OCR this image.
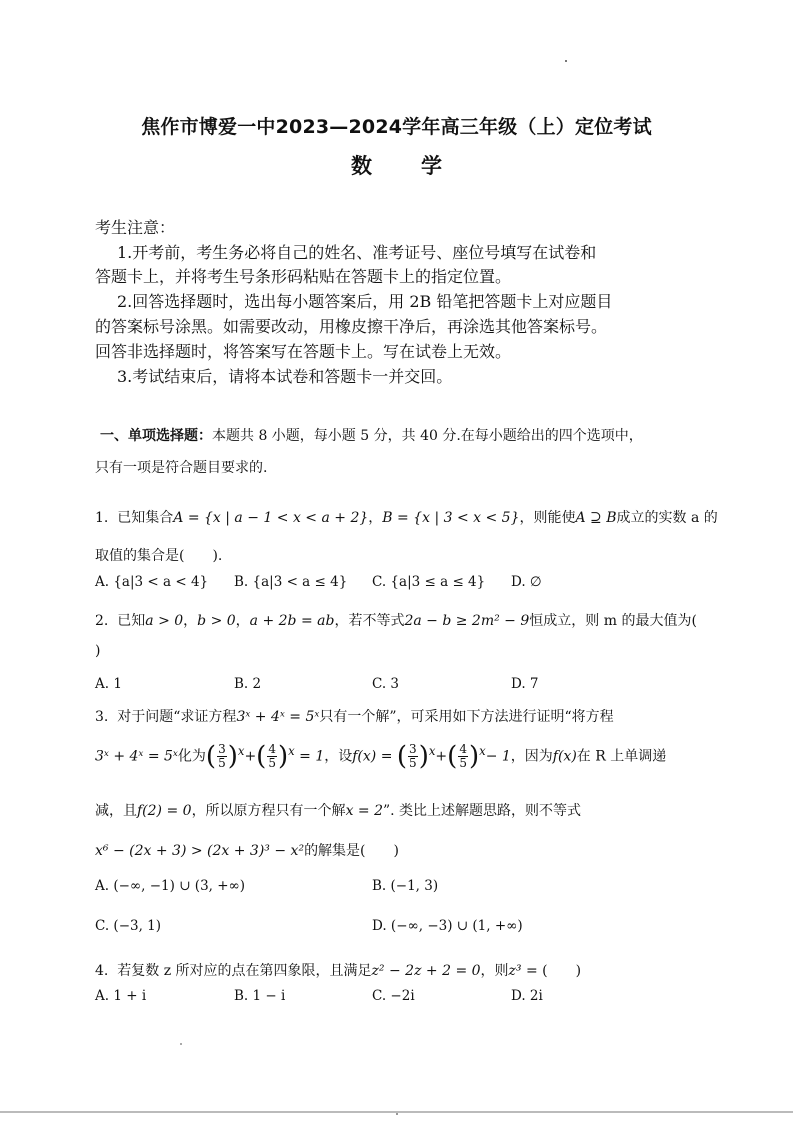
焦作市博爱一中2023—2024学年高三年级（上）定位考试
数　学
考生注意：
1.开考前，考生务必将自己的姓名、准考证号、座位号填写在试卷和
答题卡上，并将考生号条形码粘贴在答题卡上的指定位置。
2.回答选择题时，选出每小题答案后，用 2B 铅笔把答题卡上对应题目
的答案标号涂黑。如需要改动，用橡皮擦干净后，再涂选其他答案标号。
回答非选择题时，将答案写在答题卡上。写在试卷上无效。
3.考试结束后，请将本试卷和答题卡一并交回。
一、单项选择题：本题共 8 小题，每小题 5 分，共 40 分.在每小题给出的四个选项中，
只有一项是符合题目要求的.
1. 已知集合A = {x | a − 1 < x < a + 2}，B = {x | 3 < x < 5}，则能使A ⊇ B成立的实数 a 的
取值的集合是(　　).
A. {a|3 < a < 4} B. {a|3 < a ≤ 4} C. {a|3 ≤ a ≤ 4} D. ∅
2. 已知a > 0，b > 0，a + 2b = ab，若不等式2a − b ≥ 2m² − 9恒成立，则 m 的最大值为(
)
A. 1	B. 2	C. 3	D. 7
3. 对于问题“求证方程3ˣ + 4ˣ = 5ˣ只有一个解”，可采用如下方法进行证明“将方程
3ˣ + 4ˣ = 5ˣ化为( $\frac{3}{5} )^x+( \frac{4}{5} )^x = 1$，设f(x) = ( $\frac{3}{5} )^x+( \frac{4}{5} )^x- 1$，因为f(x)在 R 上单调递
减，且f(2) = 0，所以原方程只有一个解x = 2”. 类比上述解题思路，则不等式
x⁶ − (2x + 3) > (2x + 3)³ − x²的解集是(　　)
A. (−∞, −1) ∪ (3, +∞)	B. (−1, 3)
C. (−3, 1)	D. (−∞, −3) ∪ (1, +∞)
4. 若复数 z 所对应的点在第四象限，且满足z² − 2z + 2 = 0，则z³ = (　　)
A. 1 + i	B. 1 − i	C. −2i	D. 2i
